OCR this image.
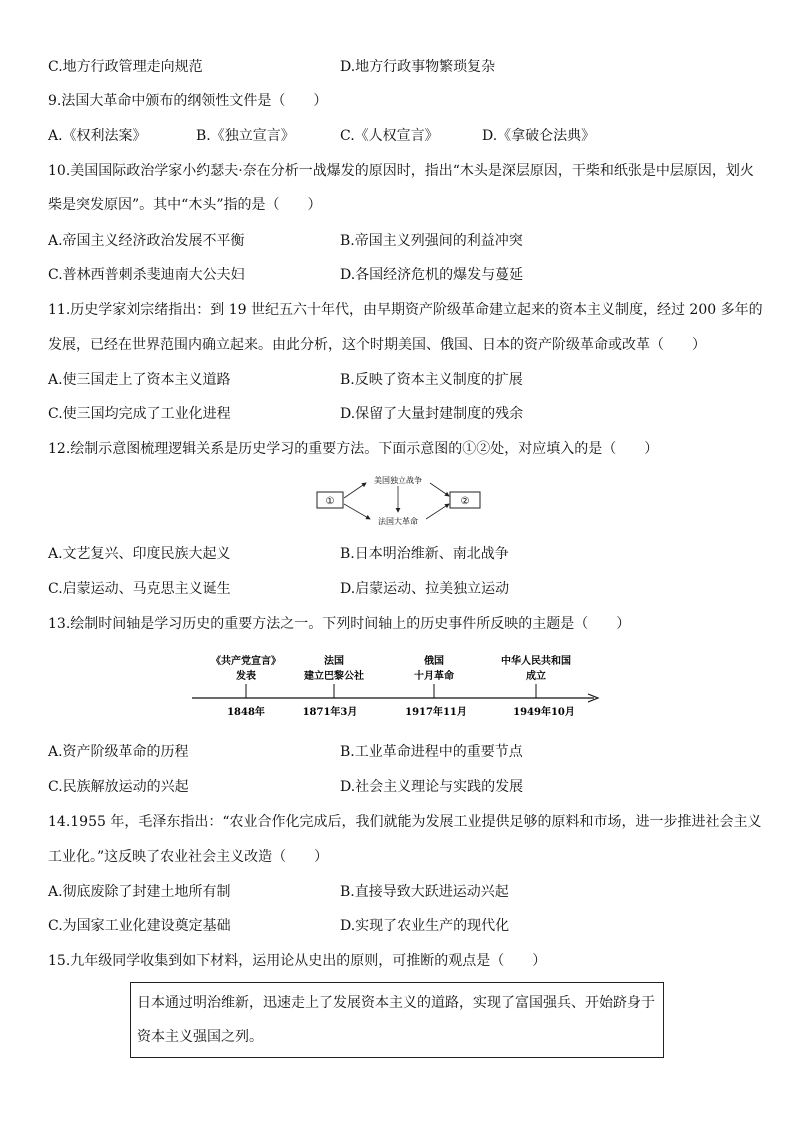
C.地方行政管理走向规范	D.地方行政事物繁琐复杂
9.法国大革命中颁布的纲领性文件是（　　）
A.《权利法案》	B.《独立宣言》	C.《人权宣言》	D.《拿破仑法典》
10.美国国际政治学家小约瑟夫·奈在分析一战爆发的原因时，指出“木头是深层原因，干柴和纸张是中层原因，划火
柴是突发原因”。其中“木头”指的是（　　）
A.帝国主义经济政治发展不平衡	B.帝国主义列强间的利益冲突
C.普林西普刺杀斐迪南大公夫妇	D.各国经济危机的爆发与蔓延
11.历史学家刘宗绪指出：到 19 世纪五六十年代，由早期资产阶级革命建立起来的资本主义制度，经过 200 多年的
发展，已经在世界范围内确立起来。由此分析，这个时期美国、俄国、日本的资产阶级革命或改革（　　）
A.使三国走上了资本主义道路	B.反映了资本主义制度的扩展
C.使三国均完成了工业化进程	D.保留了大量封建制度的残余
12.绘制示意图梳理逻辑关系是历史学习的重要方法。下面示意图的①②处，对应填入的是（　　）
①	②
美国独立战争
法国大革命
A.文艺复兴、印度民族大起义	B.日本明治维新、南北战争
C.启蒙运动、马克思主义诞生	D.启蒙运动、拉美独立运动
13.绘制时间轴是学习历史的重要方法之一。下列时间轴上的历史事件所反映的主题是（　　）
《共产党宣言》
发表
1848年
法国
建立巴黎公社
1871年3月
俄国
十月革命
1917年11月
中华人民共和国
成立
1949年10月
A.资产阶级革命的历程	B.工业革命进程中的重要节点
C.民族解放运动的兴起	D.社会主义理论与实践的发展
14.1955 年，毛泽东指出：“农业合作化完成后，我们就能为发展工业提供足够的原料和市场，进一步推进社会主义
工业化。”这反映了农业社会主义改造（　　）
A.彻底废除了封建土地所有制	B.直接导致大跃进运动兴起
C.为国家工业化建设奠定基础	D.实现了农业生产的现代化
15.九年级同学收集到如下材料，运用论从史出的原则，可推断的观点是（　　）
日本通过明治维新，迅速走上了发展资本主义的道路，实现了富国强兵、开始跻身于
资本主义强国之列。
